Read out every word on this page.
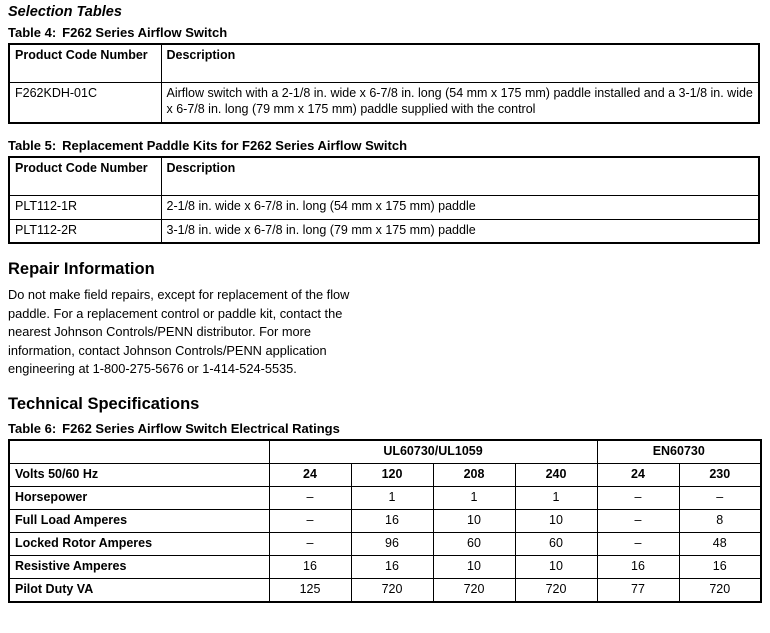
Selection Tables
Table 4: F262 Series Airflow Switch
Product Code Number	Description
F262KDH-01C	Airflow switch with a 2-1/8 in. wide x 6-7/8 in. long (54 mm x 175 mm) paddle installed and a 3-1/8 in. wide x 6-7/8 in. long (79 mm x 175 mm) paddle supplied with the control
Table 5: Replacement Paddle Kits for F262 Series Airflow Switch
Product Code Number	Description
PLT112-1R	2-1/8 in. wide x 6-7/8 in. long (54 mm x 175 mm) paddle
PLT112-2R	3-1/8 in. wide x 6-7/8 in. long (79 mm x 175 mm) paddle
Repair Information

Do not make field repairs, except for replacement of the flow paddle. For a replacement control or paddle kit, contact the nearest Johnson Controls/PENN distributor. For more information, contact Johnson Controls/PENN application engineering at 1-800-275-5676 or 1-414-524-5535.

Technical Specifications
Table 6: F262 Series Airflow Switch Electrical Ratings
	UL60730/UL1059				EN60730	
Volts 50/60 Hz	24	120	208	240	24	230
Horsepower	–	1	1	1	–	–
Full Load Amperes	–	16	10	10	–	8
Locked Rotor Amperes	–	96	60	60	–	48
Resistive Amperes	16	16	10	10	16	16
Pilot Duty VA	125	720	720	720	77	720
